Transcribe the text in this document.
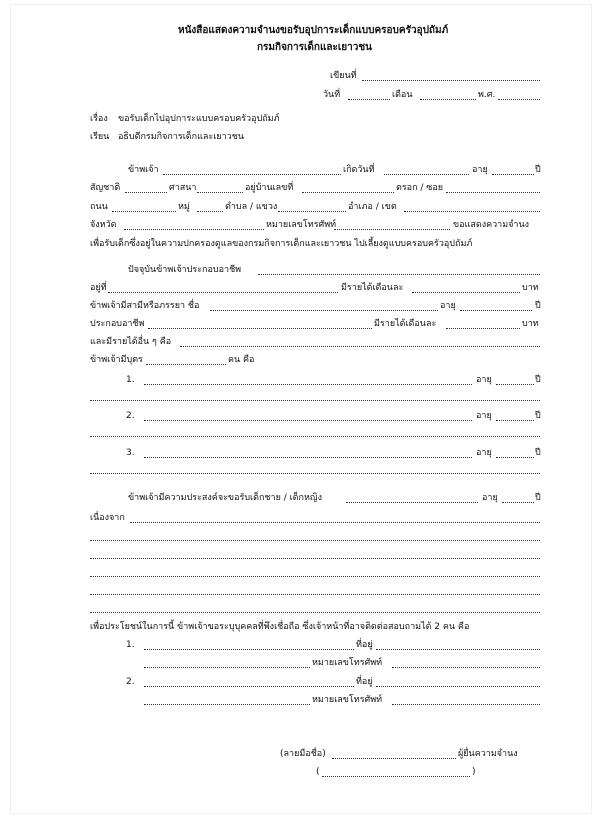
หนังสือแสดงความจำนงขอรับอุปการะเด็กแบบครอบครัวอุปถัมภ์
กรมกิจการเด็กและเยาวชน
เขียนที่
วันที่	เดือน	พ.ศ.
เรื่อง ขอรับเด็กไปอุปการะแบบครอบครัวอุปถัมภ์
เรียน อธิบดีกรมกิจการเด็กและเยาวชน
ข้าพเจ้า	เกิดวันที่	อายุ	ปี
สัญชาติ	ศาสนา	อยู่บ้านเลขที่	ตรอก / ซอย
ถนน	หมู่	ตำบล / แขวง	อำเภอ / เขต
จังหวัด	หมายเลขโทรศัพท์	ขอแสดงความจำนง
เพื่อรับเด็กซึ่งอยู่ในความปกครองดูแลของกรมกิจการเด็กและเยาวชน ไปเลี้ยงดูแบบครอบครัวอุปถัมภ์
ปัจจุบันข้าพเจ้าประกอบอาชีพ
อยู่ที่	มีรายได้เดือนละ	บาท
ข้าพเจ้ามีสามีหรือภรรยา ชื่อ	อายุ	ปี
ประกอบอาชีพ	มีรายได้เดือนละ	บาท
และมีรายได้อื่น ๆ คือ
ข้าพเจ้ามีบุตร	คน คือ
1.	อายุ	ปี
2.	อายุ	ปี
3.	อายุ	ปี
ข้าพเจ้ามีความประสงค์จะขอรับเด็กชาย / เด็กหญิง	อายุ	ปี
เนื่องจาก
เพื่อประโยชน์ในการนี้ ข้าพเจ้าขอระบุบุคคลที่พึงเชื่อถือ ซึ่งเจ้าหน้าที่อาจติดต่อสอบถามได้ 2 คน คือ
1.	ที่อยู่
หมายเลขโทรศัพท์
2.	ที่อยู่
หมายเลขโทรศัพท์
(ลายมือชื่อ)	ผู้ยื่นความจำนง
(	)
